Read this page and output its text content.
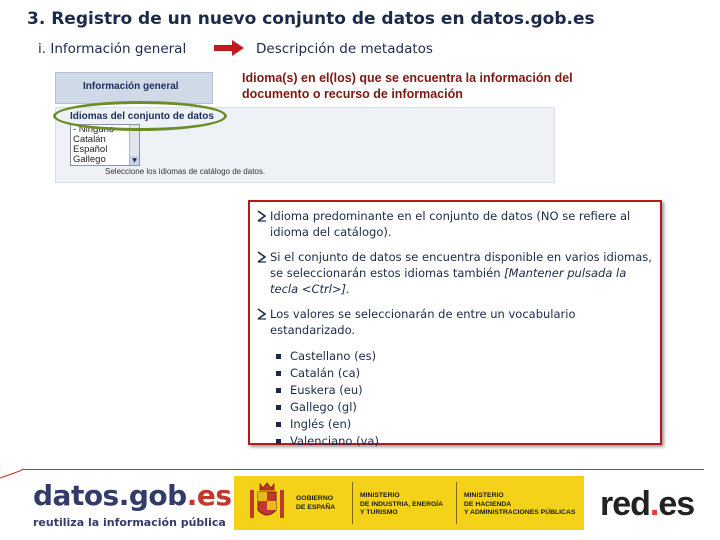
3. Registro de un nuevo conjunto de datos en datos.gob.es
i. Información general	Descripción de metadatos
Idioma(s) en el(los) que se encuentra la información del documento o recurso de información
Información general
Idiomas del conjunto de datos
- Ninguno -
Catalán
Español
Gallego	▼
Seleccione los idiomas de catálogo de datos.
Idioma predominante en el conjunto de datos (NO se refiere al idioma del catálogo).
Si el conjunto de datos se encuentra disponible en varios idiomas, se seleccionarán estos idiomas también [Mantener pulsada la tecla <Ctrl>].
Los valores se seleccionarán de entre un vocabulario estandarizado.
Castellano (es)
Catalán (ca)
Euskera (eu)
Gallego (gl)
Inglés (en)
Valenciano (va)
datos.gob.es
reutiliza la información pública
GOBIERNO
DE ESPAÑA
MINISTERIO
DE INDUSTRIA, ENERGÍA
Y TURISMO
MINISTERIO
DE HACIENDA
Y ADMINISTRACIONES PÚBLICAS red.es
